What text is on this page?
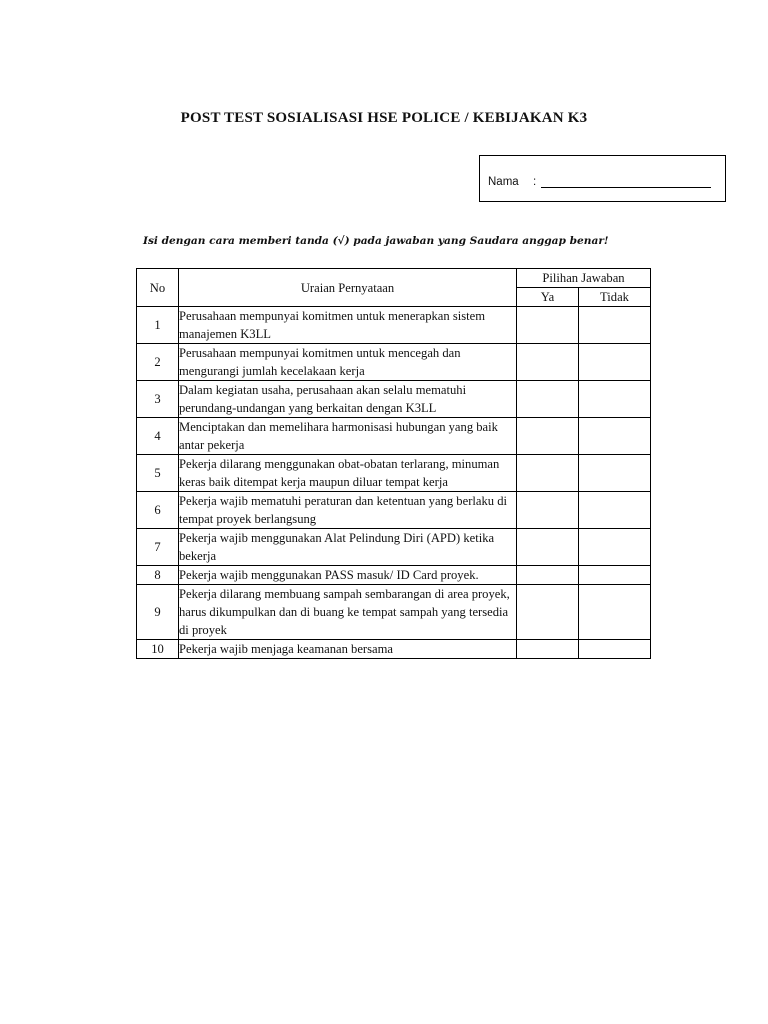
POST TEST SOSIALISASI HSE POLICE / KEBIJAKAN K3
Nama :
Isi dengan cara memberi tanda (√) pada jawaban yang Saudara anggap benar!
No	Uraian Pernyataan	Pilihan Jawaban	
		Ya	Tidak
1	Perusahaan mempunyai komitmen untuk menerapkan sistem manajemen K3LL		
2	Perusahaan mempunyai komitmen untuk mencegah dan mengurangi jumlah kecelakaan kerja		
3	Dalam kegiatan usaha, perusahaan akan selalu mematuhi perundang-undangan yang berkaitan dengan K3LL		
4	Menciptakan dan memelihara harmonisasi hubungan yang baik antar pekerja		
5	Pekerja dilarang menggunakan obat-obatan terlarang, minuman keras baik ditempat kerja maupun diluar tempat kerja		
6	Pekerja wajib mematuhi peraturan dan ketentuan yang berlaku di tempat proyek berlangsung		
7	Pekerja wajib menggunakan Alat Pelindung Diri (APD) ketika bekerja		
8	Pekerja wajib menggunakan PASS masuk/ ID Card proyek.		
9	Pekerja dilarang membuang sampah sembarangan di area proyek, harus dikumpulkan dan di buang ke tempat sampah yang tersedia di proyek		
10	Pekerja wajib menjaga keamanan bersama		
